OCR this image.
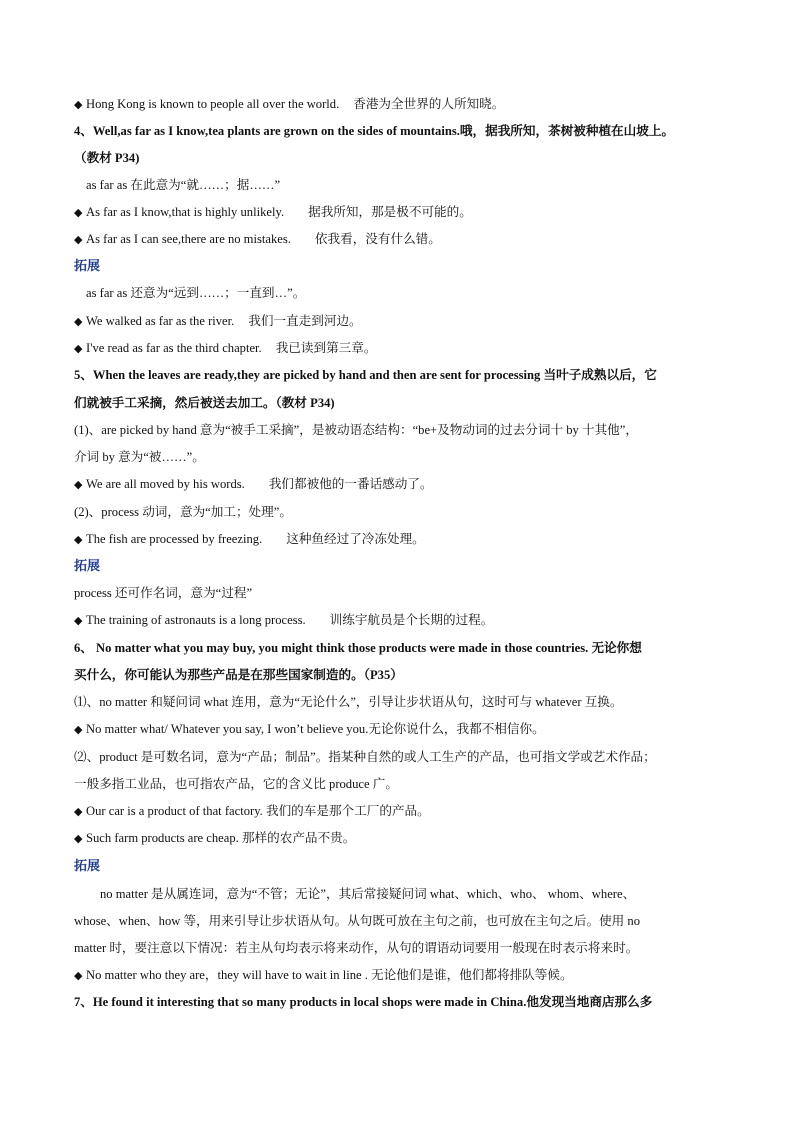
◆ Hong Kong is known to people all over the world. 香港为全世界的人所知晓。
4、Well,as far as I know,tea plants are grown on the sides of mountains.哦，据我所知，茶树被种植在山坡上。
（教材 P34)
as far as 在此意为“就……；据……”
◆ As far as I know,that is highly unlikely. 据我所知，那是极不可能的。
◆ As far as I can see,there are no mistakes. 依我看，没有什么错。
拓展
as far as 还意为“远到……；一直到…”。
◆ We walked as far as the river. 我们一直走到河边。
◆ I've read as far as the third chapter. 我已读到第三章。
5、When the leaves are ready,they are picked by hand and then are sent for processing 当叶子成熟以后，它
们就被手工采摘，然后被送去加工。（教材 P34)
(1)、are picked by hand 意为“被手工采摘”，是被动语态结构：“be+及物动词的过去分词十 by 十其他”，
介词 by 意为“被……”。
◆ We are all moved by his words. 我们都被他的一番话感动了。
(2)、process 动词，意为“加工；处理”。
◆ The fish are processed by freezing. 这种鱼经过了冷冻处理。
拓展
process 还可作名词，意为“过程”
◆ The training of astronauts is a long process. 训练宇航员是个长期的过程。
6、 No matter what you may buy, you might think those products were made in those countries. 无论你想
买什么，你可能认为那些产品是在那些国家制造的。（P35）
⑴、no matter 和疑问词 what 连用，意为“无论什么”，引导让步状语从句，这时可与 whatever 互换。
◆ No matter what/ Whatever you say, I won’t believe you.无论你说什么，我都不相信你。
⑵、product 是可数名词，意为“产品；制品”。指某种自然的或人工生产的产品，也可指文学或艺术作品；
一般多指工业品，也可指农产品，它的含义比 produce 广。
◆ Our car is a product of that factory. 我们的车是那个工厂的产品。
◆ Such farm products are cheap. 那样的农产品不贵。
拓展
no matter 是从属连词，意为“不管；无论”，其后常接疑问词 what、which、who、 whom、where、
whose、when、how 等，用来引导让步状语从句。从句既可放在主句之前，也可放在主句之后。使用 no
matter 时，要注意以下情况：若主从句均表示将来动作，从句的谓语动词要用一般现在时表示将来时。
◆ No matter who they are，they will have to wait in line . 无论他们是谁，他们都将排队等候。
7、He found it interesting that so many products in local shops were made in China.他发现当地商店那么多
